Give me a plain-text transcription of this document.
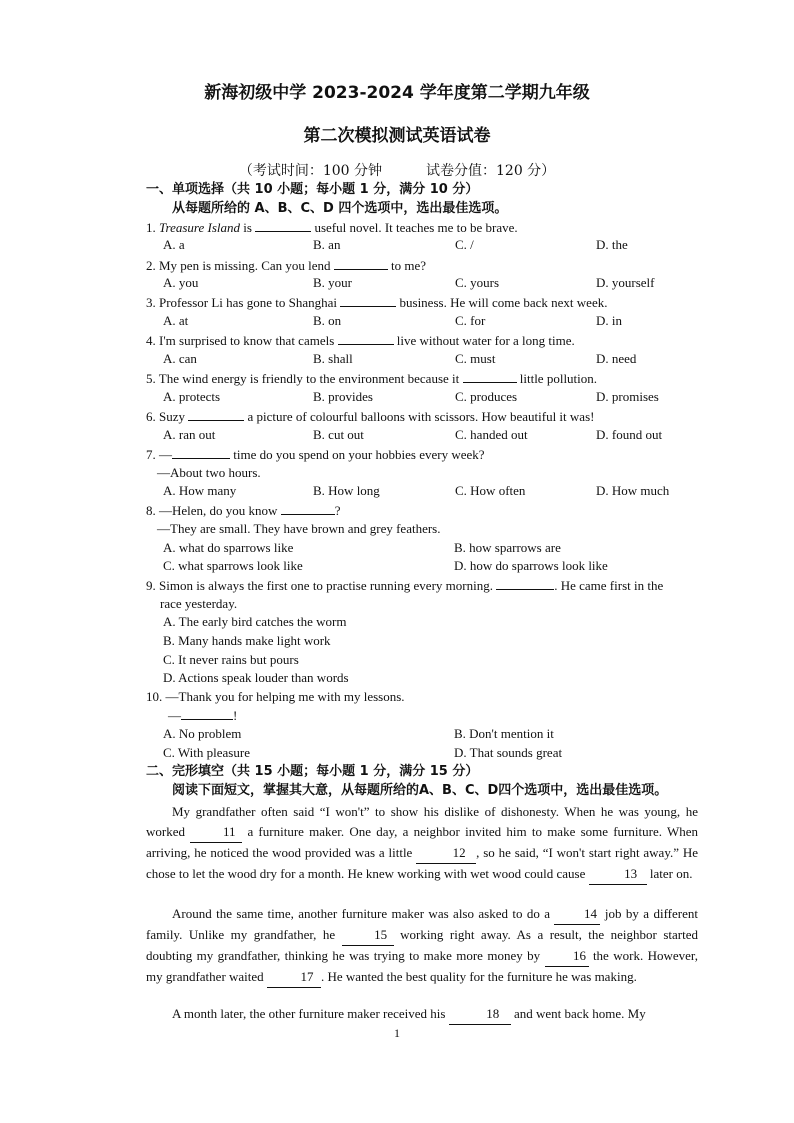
新海初级中学 2023-2024 学年度第二学期九年级
第二次模拟测试英语试卷
（考试时间：100 分钟	试卷分值：120 分）
一、单项选择（共 10 小题；每小题 1 分，满分 10 分）
从每题所给的 A、B、C、D 四个选项中，选出最佳选项。
1. Treasure Island is	useful novel. It teaches me to be brave.
A. a	B. an	C. /	D. the
2. My pen is missing. Can you lend	to me?
A. you	B. your	C. yours	D. yourself
3. Professor Li has gone to Shanghai	business. He will come back next week.
A. at	B. on	C. for	D. in
4. I'm surprised to know that camels	live without water for a long time.
A. can	B. shall	C. must	D. need
5. The wind energy is friendly to the environment because it	little pollution.
A. protects	B. provides	C. produces	D. promises
6. Suzy	a picture of colourful balloons with scissors. How beautiful it was!
A. ran out	B. cut out	C. handed out	D. found out
7. —	time do you spend on your hobbies every week?
—About two hours.
A. How many	B. How long	C. How often	D. How much
8. —Helen, do you know	?
—They are small. They have brown and grey feathers.
A. what do sparrows like	B. how sparrows are
C. what sparrows look like	D. how do sparrows look like
9. Simon is always the first one to practise running every morning.	. He came first in the
race yesterday.
A. The early bird catches the worm
B. Many hands make light work
C. It never rains but pours
D. Actions speak louder than words
10. —Thank you for helping me with my lessons.
—	!
A. No problem	B. Don't mention it
C. With pleasure	D. That sounds great
二、完形填空（共 15 小题；每小题 1 分，满分 15 分）
阅读下面短文，掌握其大意，从每题所给的A、B、C、D四个选项中，选出最佳选项。
My grandfather often said “I won't” to show his dislike of dishonesty. When he was young, he worked	11 a furniture maker. One day, a neighbor invited him to make some furniture. When arriving, he noticed the wood provided was a little	12 , so he said, “I won't start right away.” He chose to let the wood dry for a month. He knew working with wet wood could cause	13 later on.
Around the same time, another furniture maker was also asked to do a 14 job by a different family. Unlike my grandfather, he	15 working right away. As a result, the neighbor started doubting my grandfather, thinking he was trying to make more money by 16 the work. However, my grandfather waited	17 . He wanted the best quality for the furniture he was making.
A month later, the other furniture maker received his	18 and went back home. My
1
